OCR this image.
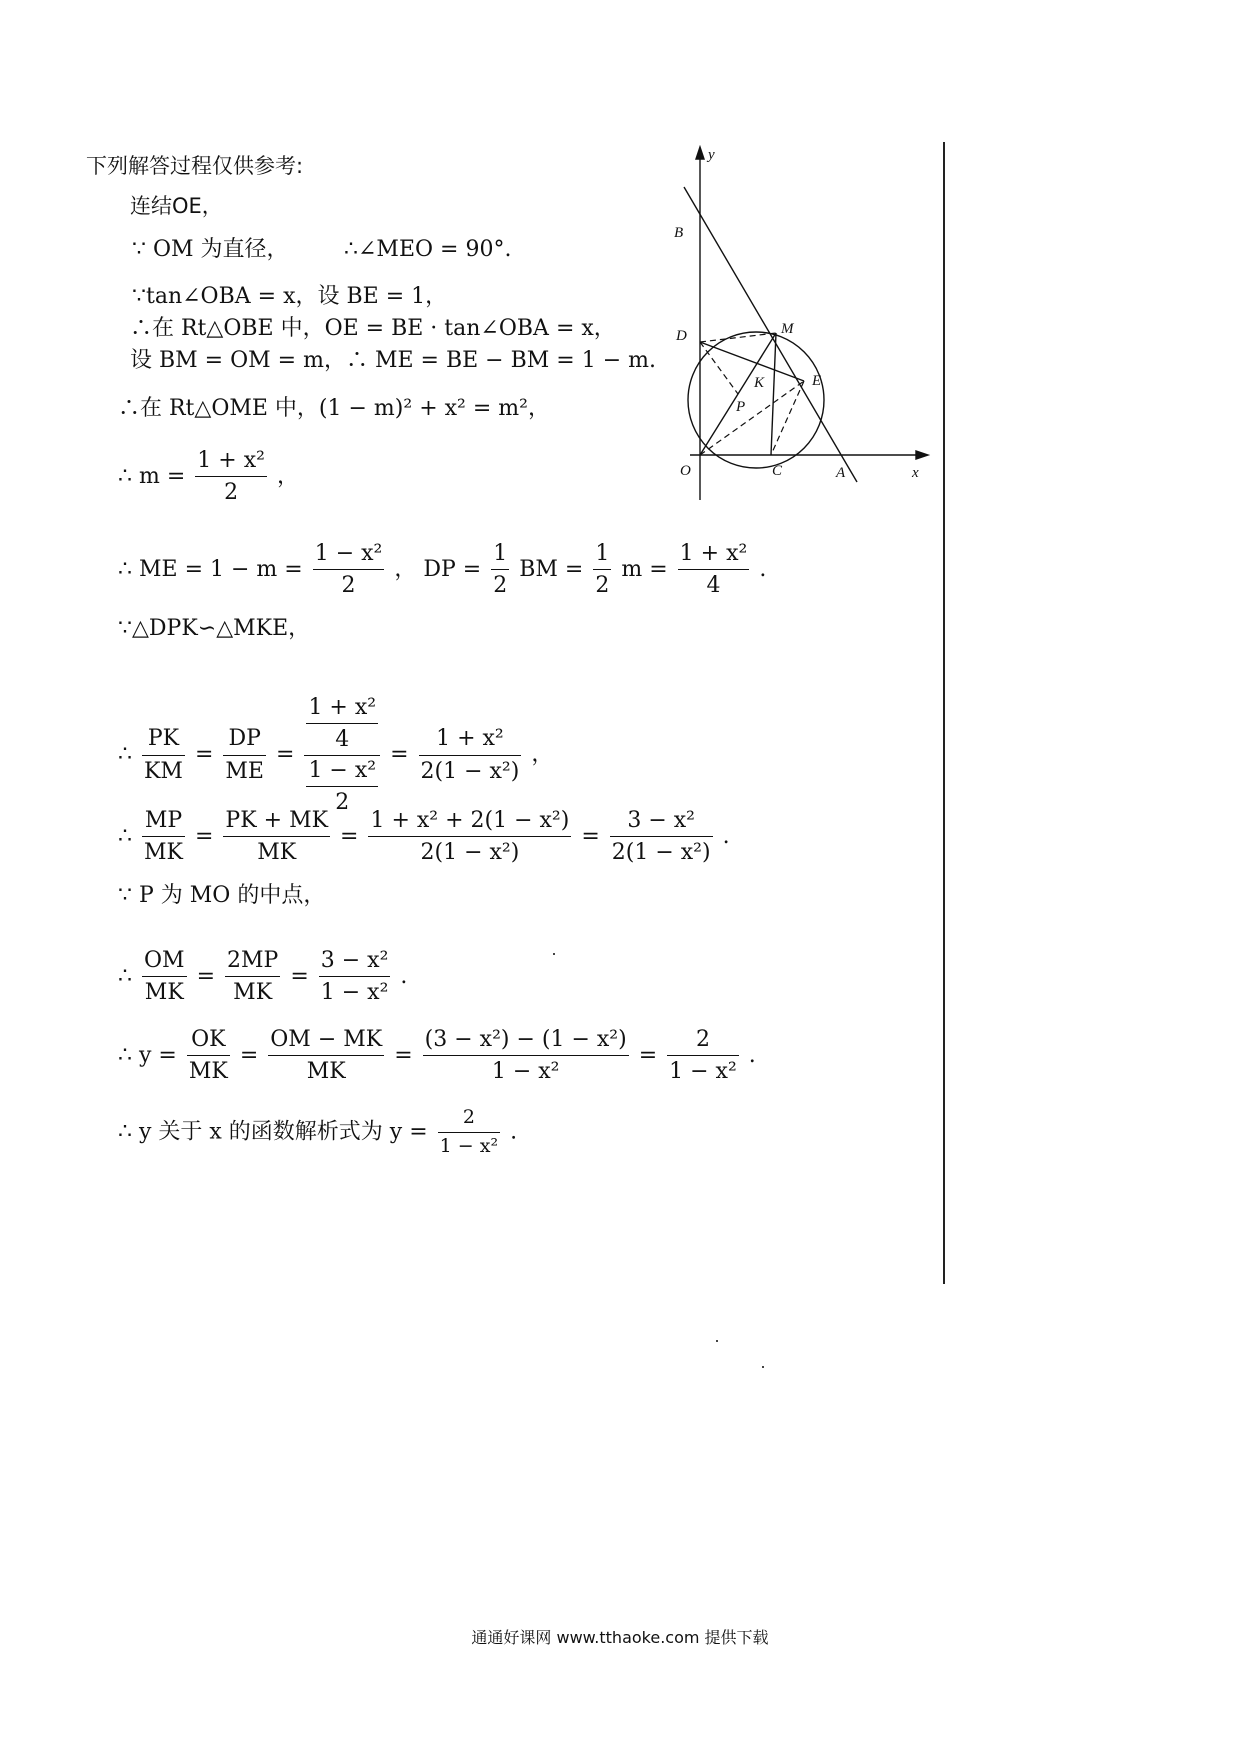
下列解答过程仅供参考:
连结OE，
∵ OM 为直径，	∴∠MEO = 90°.
∵tan∠OBA = x，设 BE = 1，
∴在 Rt△OBE 中，OE = BE · tan∠OBA = x，
设 BM = OM = m，∴ ME = BE − BM = 1 − m.
∴在 Rt△OME 中，(1 − m)² + x² = m²，
∴ $m = \frac{\text{1 + x²}}{2}$ ，
∴ ME = $1 - m = \frac{\text{1 − x²}}{2}$ ， DP = $\frac{1}{2}$ BM = $\frac{1}{2}$ $m = \frac{\text{1 + x²}}{4}$ .
∵△DPK∽△MKE，
∴ $\frac{PK}{KM} = \frac{DP}{ME} = \frac{\frac{\text{1 + x²}}{4}}{\frac{\text{1 − x²}}{2}} = \frac{\text{1 + x²}}{\text{2(1 − x²)}}$ ，
∴ $\frac{MP}{MK} = \frac{PK + MK}{MK} = \frac{\text{1 + x² + 2(1 − x²)}}{\text{2(1 − x²)}} = \frac{\text{3 − x²}}{\text{2(1 − x²)}}$ .
∵ P 为 MO 的中点，
∴ $\frac{OM}{MK} = \frac{2MP}{MK} = \frac{\text{3 − x²}}{\text{1 − x²}}$ .
∴ $y = \frac{OK}{MK} = \frac{OM - MK}{MK} = \frac{\text{(3 − x²) − (1 − x²)}}{\text{1 − x²}} = \frac{2}{\text{1 − x²}}$ .
∴ y 关于 x 的函数解析式为 $y = \frac{2}{\text{1 − x²}}$ .
y
x
B
D	M
E
K
P
O	C	A
通通好课网 www.tthaoke.com 提供下载
